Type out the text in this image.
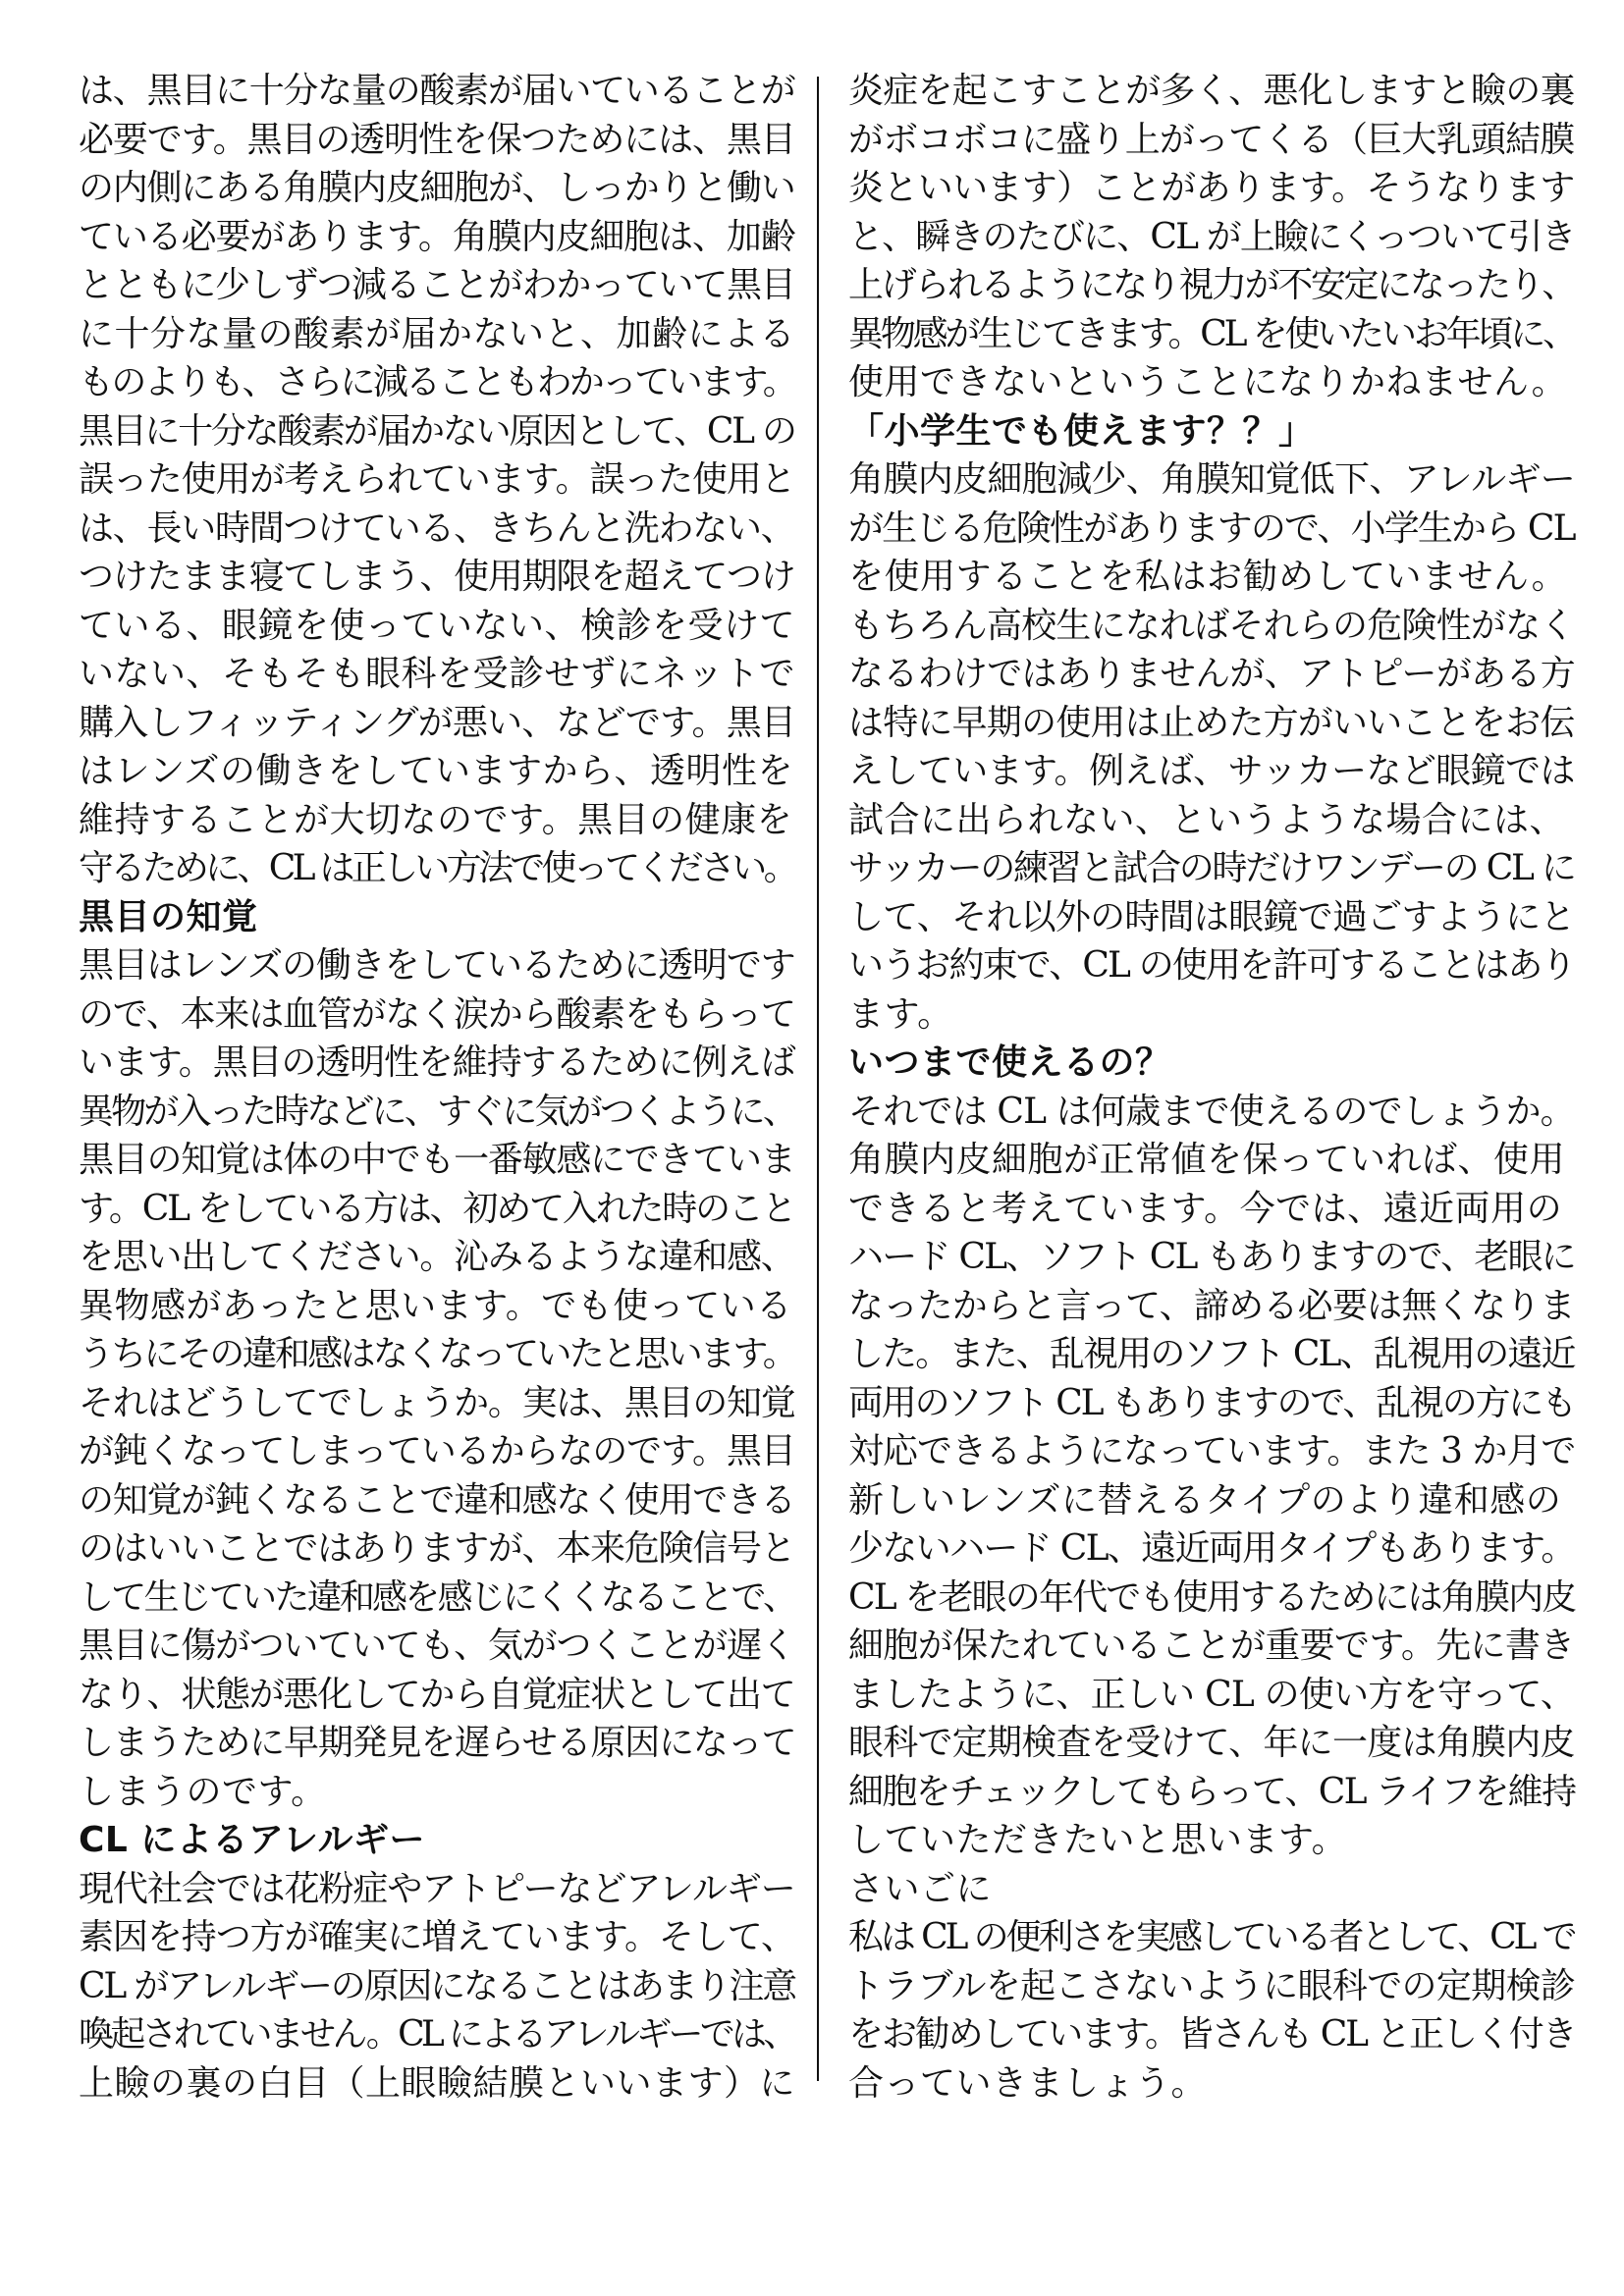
は、黒目に十分な量の酸素が届いていることが
必要です。黒目の透明性を保つためには、黒目
の内側にある角膜内皮細胞が、しっかりと働い
ている必要があります。角膜内皮細胞は、加齢
とともに少しずつ減ることがわかっていて黒目
に十分な量の酸素が届かないと、加齢による
ものよりも、さらに減ることもわかっています。
黒目に十分な酸素が届かない原因として、CL の
誤った使用が考えられています。誤った使用と
は、長い時間つけている、きちんと洗わない、
つけたまま寝てしまう、使用期限を超えてつけ
ている、眼鏡を使っていない、検診を受けて
いない、そもそも眼科を受診せずにネットで
購入しフィッティングが悪い、などです。黒目
はレンズの働きをしていますから、透明性を
維持することが大切なのです。黒目の健康を
守るために、CL は正しい方法で使ってください。
黒目の知覚
黒目はレンズの働きをしているために透明です
ので、本来は血管がなく涙から酸素をもらって
います。黒目の透明性を維持するために例えば
異物が入った時などに、すぐに気がつくように、
黒目の知覚は体の中でも一番敏感にできていま
す。CL をしている方は、初めて入れた時のこと
を思い出してください。沁みるような違和感、
異物感があったと思います。でも使っている
うちにその違和感はなくなっていたと思います。
それはどうしてでしょうか。実は、黒目の知覚
が鈍くなってしまっているからなのです。黒目
の知覚が鈍くなることで違和感なく使用できる
のはいいことではありますが、本来危険信号と
して生じていた違和感を感じにくくなることで、
黒目に傷がついていても、気がつくことが遅く
なり、状態が悪化してから自覚症状として出て
しまうために早期発見を遅らせる原因になって
しまうのです。
CL によるアレルギー
現代社会では花粉症やアトピーなどアレルギー
素因を持つ方が確実に増えています。そして、
CL がアレルギーの原因になることはあまり注意
喚起されていません。CL によるアレルギーでは、
上瞼の裏の白目（上眼瞼結膜といいます）に
炎症を起こすことが多く、悪化しますと瞼の裏
がボコボコに盛り上がってくる（巨大乳頭結膜
炎といいます）ことがあります。そうなります
と、瞬きのたびに、CL が上瞼にくっついて引き
上げられるようになり視力が不安定になったり、
異物感が生じてきます。CL を使いたいお年頃に、
使用できないということになりかねません。
「小学生でも使えます？？」
角膜内皮細胞減少、角膜知覚低下、アレルギー
が生じる危険性がありますので、小学生から CL
を使用することを私はお勧めしていません。
もちろん高校生になればそれらの危険性がなく
なるわけではありませんが、アトピーがある方
は特に早期の使用は止めた方がいいことをお伝
えしています。例えば、サッカーなど眼鏡では
試合に出られない、というような場合には、
サッカーの練習と試合の時だけワンデーの CL に
して、それ以外の時間は眼鏡で過ごすようにと
いうお約束で、CL の使用を許可することはあり
ます。
いつまで使えるの？
それでは CL は何歳まで使えるのでしょうか。
角膜内皮細胞が正常値を保っていれば、使用
できると考えています。今では、遠近両用の
ハード CL、ソフト CL もありますので、老眼に
なったからと言って、諦める必要は無くなりま
した。また、乱視用のソフト CL、乱視用の遠近
両用のソフト CL もありますので、乱視の方にも
対応できるようになっています。また 3 か月で
新しいレンズに替えるタイプのより違和感の
少ないハード CL、遠近両用タイプもあります。
CL を老眼の年代でも使用するためには角膜内皮
細胞が保たれていることが重要です。先に書き
ましたように、正しい CL の使い方を守って、
眼科で定期検査を受けて、年に一度は角膜内皮
細胞をチェックしてもらって、CL ライフを維持
していただきたいと思います。
さいごに
私は CL の便利さを実感している者として、CL で
トラブルを起こさないように眼科での定期検診
をお勧めしています。皆さんも CL と正しく付き
合っていきましょう。
